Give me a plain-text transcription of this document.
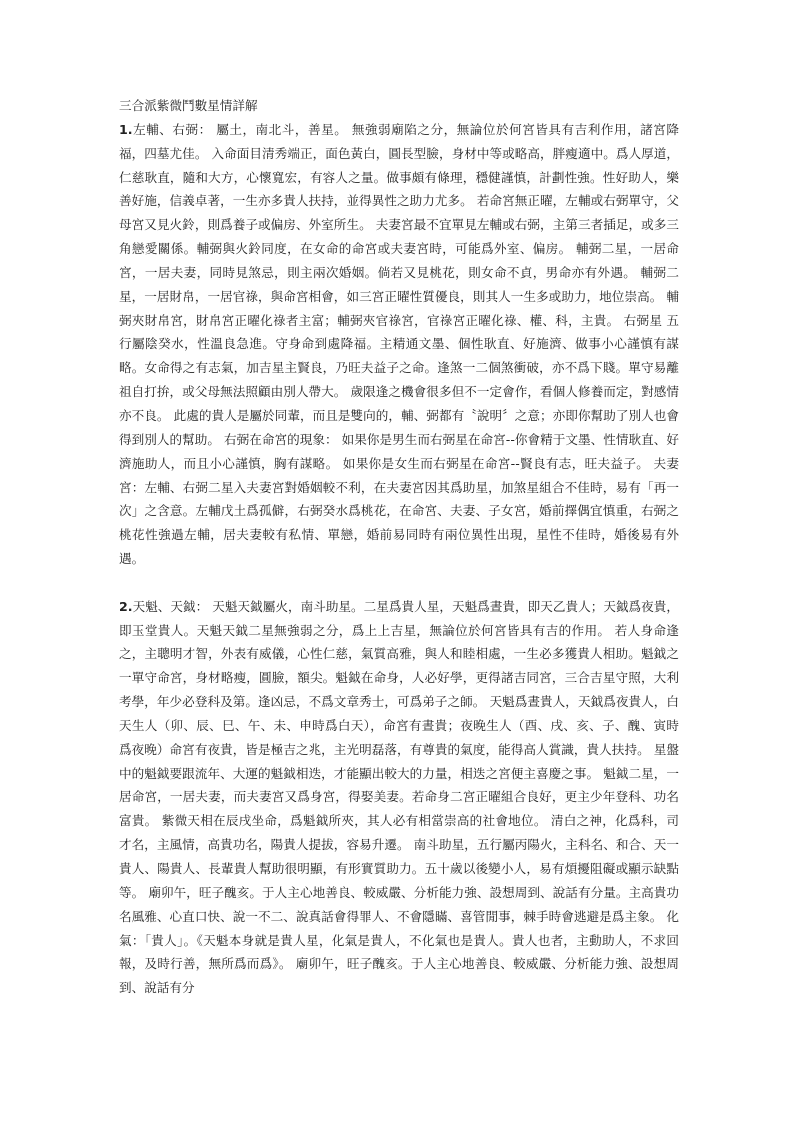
三合派紫微鬥數星情詳解

1.左輔、右弼： 屬土，南北斗，善星。 無強弱廟陷之分，無論位於何宮皆具有吉利作用，諸宮降福，四墓尤佳。 入命面目清秀端正，面色黃白，圓長型臉，身材中等或略高，胖瘦適中。爲人厚道，仁慈耿直，隨和大方，心懷寬宏，有容人之量。做事頗有條理，穩健謹慎，計劃性強。性好助人，樂善好施，信義卓著，一生亦多貴人扶持，並得異性之助力尤多。 若命宮無正曜，左輔或右弼單守，父母宮又見火鈴，則爲養子或偏房、外室所生。 夫妻宮最不宜單見左輔或右弼，主第三者插足，或多三角戀愛關係。輔弼與火鈴同度，在女命的命宮或夫妻宮時，可能爲外室、偏房。 輔弼二星，一居命宮，一居夫妻，同時見煞忌，則主兩次婚姻。倘若又見桃花，則女命不貞，男命亦有外遇。 輔弼二星，一居財帛，一居官祿，與命宮相會，如三宮正曜性質優良，則其人一生多或助力，地位崇高。 輔弼夾財帛宮，財帛宮正曜化祿者主富；輔弼夾官祿宮，官祿宮正曜化祿、權、科，主貴。 右弼星 五行屬陰癸水，性溫良急進。守身命到處降福。主精通文墨、個性耿直、好施濟、做事小心謹慎有謀略。女命得之有志氣，加吉星主賢良，乃旺夫益子之命。逢煞一二個煞衝破，亦不爲下賤。單守易離祖自打拚，或父母無法照顧由別人帶大。 歲限逢之機會很多但不一定會作，看個人修養而定，對感情亦不良。 此處的貴人是屬於同輩，而且是雙向的，輔、弼都有〝說明〞之意；亦即你幫助了別人也會得到別人的幫助。 右弼在命宮的現象： 如果你是男生而右弼星在命宮--你會精于文墨、性情耿直、好濟施助人，而且小心謹慎，胸有謀略。 如果你是女生而右弼星在命宮--賢良有志，旺夫益子。 夫妻宮：左輔、右弼二星入夫妻宮對婚姻較不利，在夫妻宮因其爲助星，加煞星組合不佳時，易有「再一次」之含意。左輔戊土爲孤僻，右弼癸水爲桃花，在命宮、夫妻、子女宮，婚前擇偶宜慎重，右弼之桃花性強過左輔，居夫妻較有私情、單戀，婚前易同時有兩位異性出現，星性不佳時，婚後易有外遇。

2.天魁、天鉞： 天魁天鉞屬火，南斗助星。二星爲貴人星，天魁爲晝貴，即天乙貴人；天鉞爲夜貴，即玉堂貴人。天魁天鉞二星無強弱之分，爲上上吉星，無論位於何宮皆具有吉的作用。 若人身命逢之，主聰明才智，外表有威儀，心性仁慈，氣質高雅，與人和睦相處，一生必多獲貴人相助。魁鉞之一單守命宮，身材略瘦，圓臉，額尖。魁鉞在命身，人必好學，更得諸吉同宮，三合吉星守照，大利考學，年少必登科及第。逢凶忌，不爲文章秀士，可爲弟子之師。 天魁爲晝貴人，天鉞爲夜貴人，白天生人（卯、辰、巳、午、未、申時爲白天），命宮有晝貴；夜晚生人（酉、戌、亥、子、醜、寅時爲夜晚）命宮有夜貴，皆是極吉之兆，主光明磊落，有尊貴的氣度，能得高人賞識，貴人扶持。 星盤中的魁鉞要跟流年、大運的魁鉞相迭，才能顯出較大的力量，相迭之宮便主喜慶之事。 魁鉞二星，一居命宮，一居夫妻，而夫妻宮又爲身宮，得娶美妻。若命身二宮正曜組合良好，更主少年登科、功名富貴。 紫微天相在辰戌坐命，爲魁鉞所夾，其人必有相當崇高的社會地位。 清白之神，化爲科，司才名，主風情，高貴功名，陽貴人提拔，容易升遷。 南斗助星，五行屬丙陽火，主科名、和合、天一貴人、陽貴人、長輩貴人幫助很明顯，有形實質助力。五十歲以後變小人，易有煩擾阻礙或顯示缺點等。 廟卯午，旺子醜亥。于人主心地善良、較威嚴、分析能力強、設想周到、說話有分量。主高貴功名風雅、心直口快、說一不二、說真話會得罪人、不會隱瞞、喜管閒事，棘手時會逃避是爲主象。 化氣：「貴人」。《天魁本身就是貴人星，化氣是貴人，不化氣也是貴人。貴人也者，主動助人，不求回報，及時行善，無所爲而爲》。 廟卯午，旺子醜亥。于人主心地善良、較威嚴、分析能力強、設想周到、說話有分
